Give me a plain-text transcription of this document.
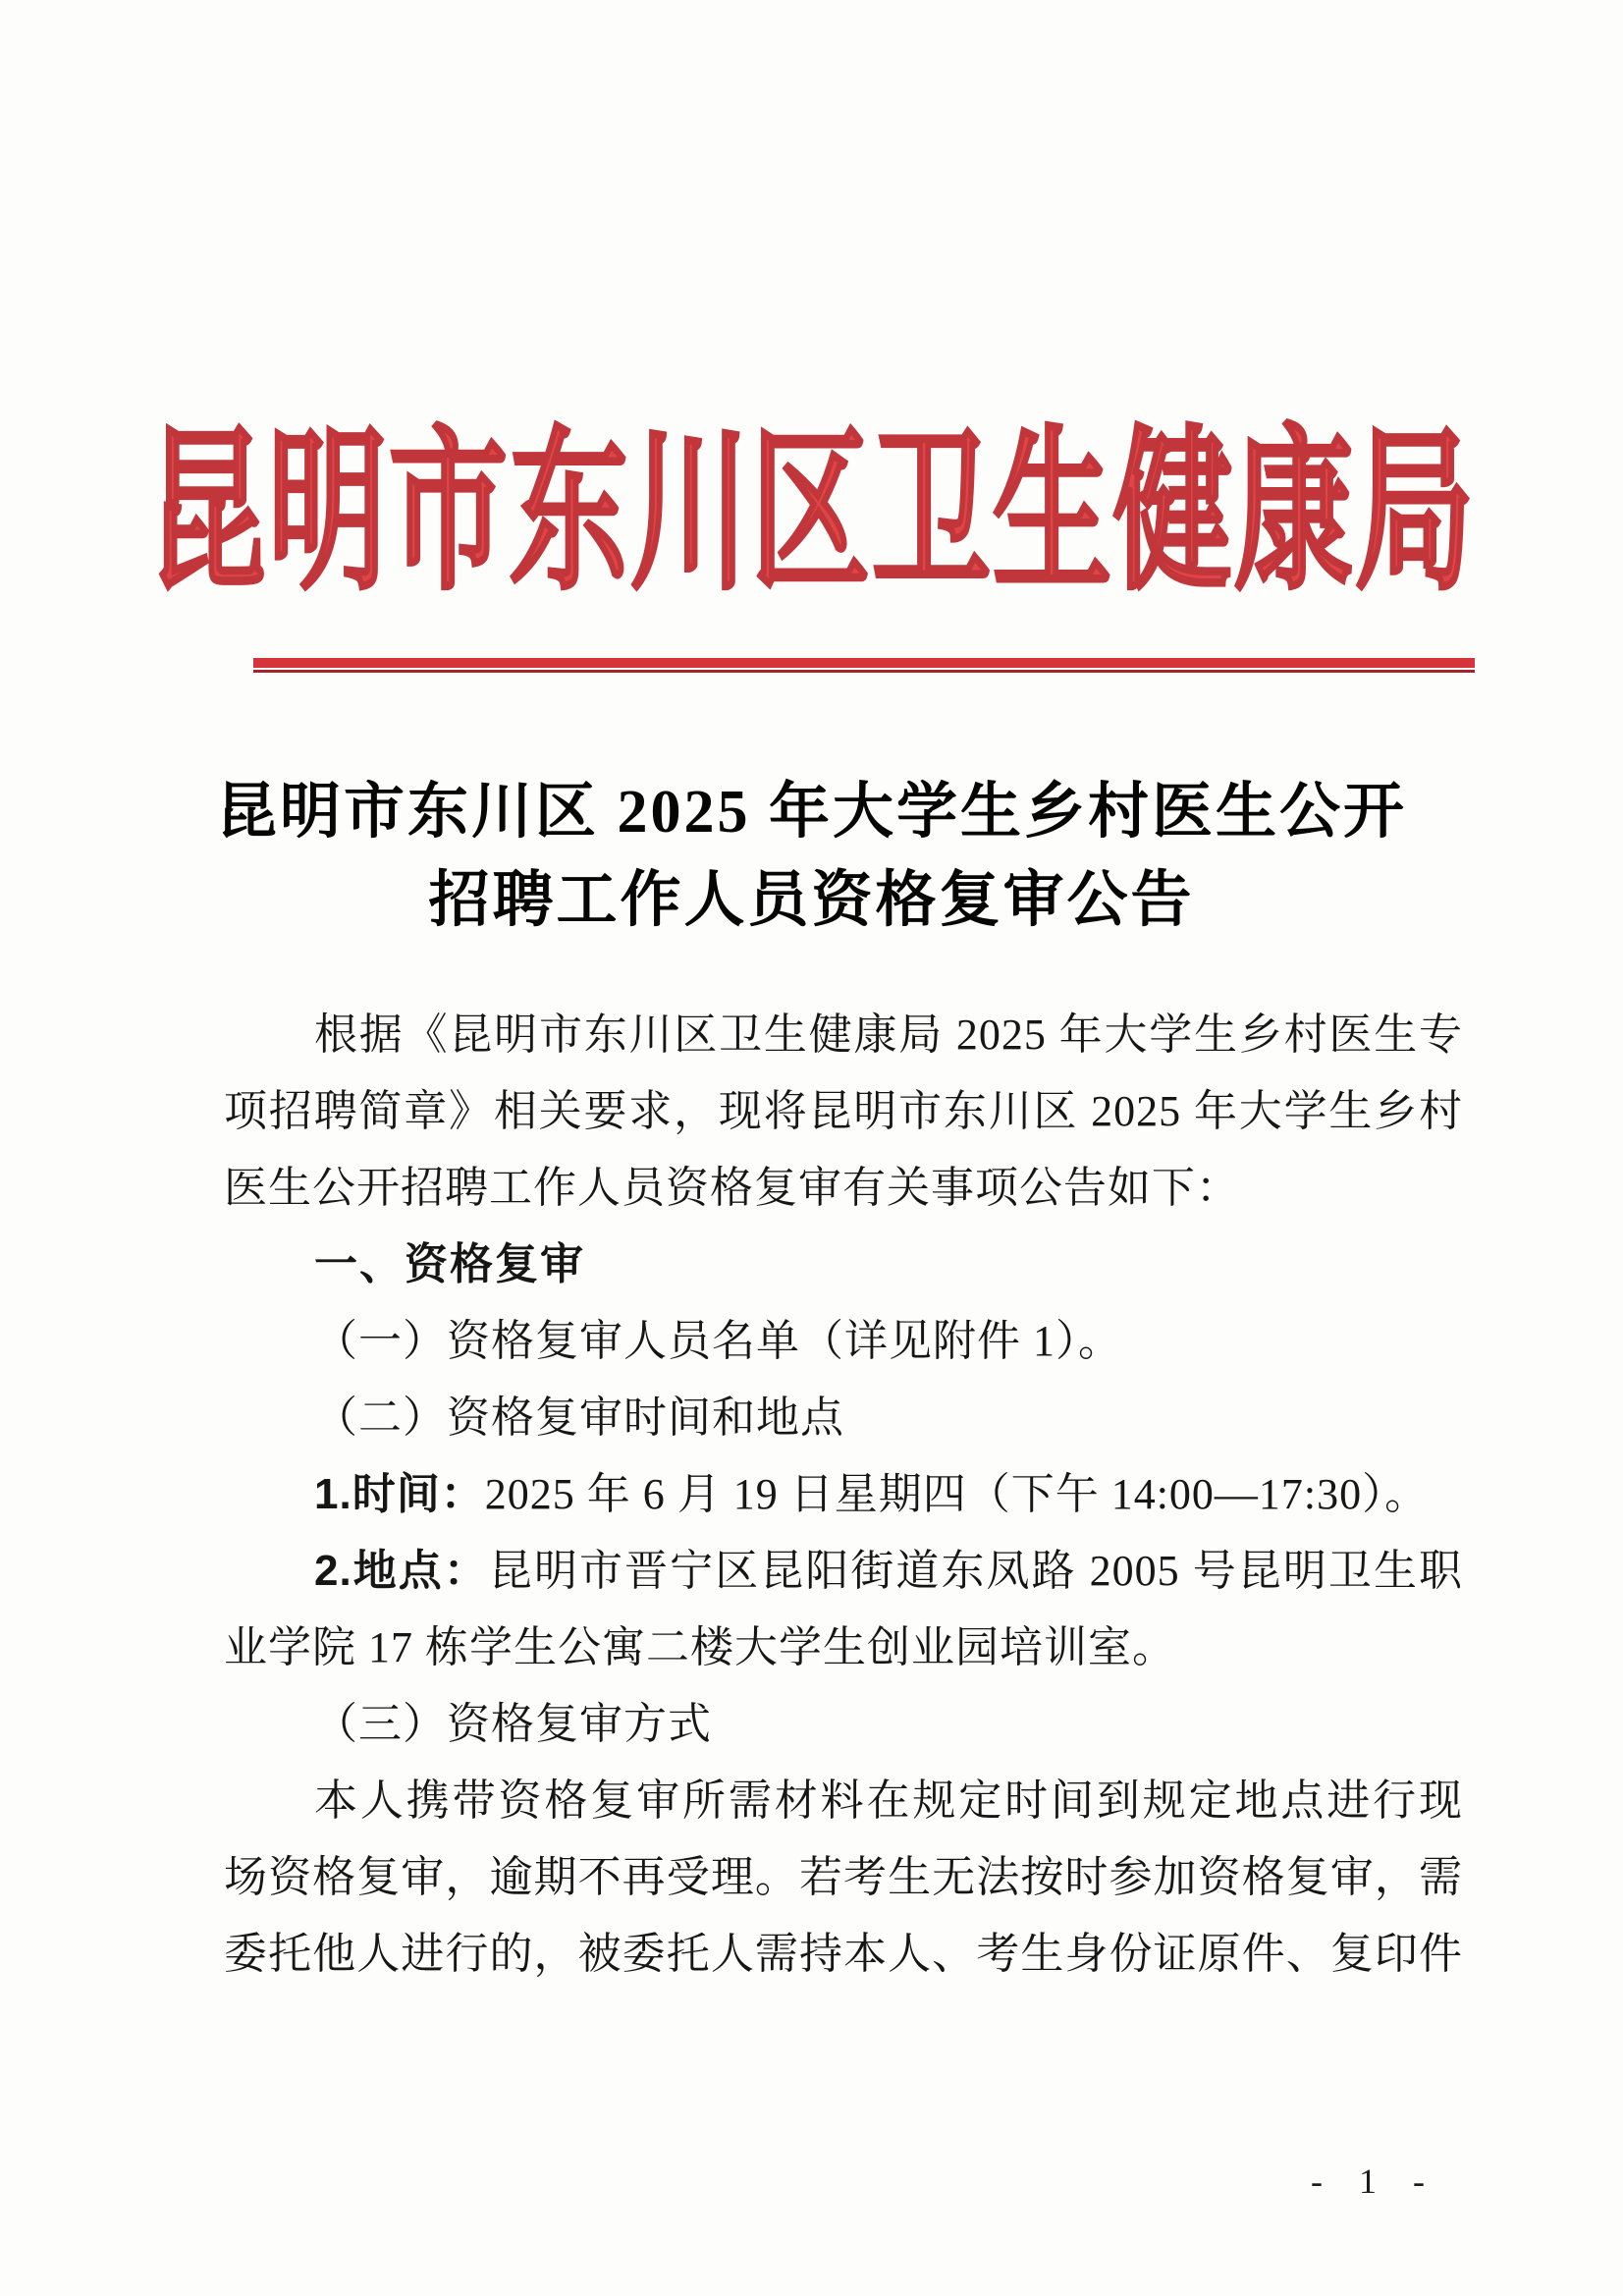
昆明市东川区卫生健康局
昆明市东川区 2025 年大学生乡村医生公开
招聘工作人员资格复审公告
根据《昆明市东川区卫生健康局 2025 年大学生乡村医生专
项招聘简章》相关要求，现将昆明市东川区 2025 年大学生乡村
医生公开招聘工作人员资格复审有关事项公告如下：
一、资格复审
（一）资格复审人员名单（详见附件 1）。
（二）资格复审时间和地点
1.时间：2025 年 6 月 19 日星期四（下午 14:00—17:30）。
2.地点：昆明市晋宁区昆阳街道东凤路 2005 号昆明卫生职
业学院 17 栋学生公寓二楼大学生创业园培训室。
（三）资格复审方式
本人携带资格复审所需材料在规定时间到规定地点进行现
场资格复审，逾期不再受理。若考生无法按时参加资格复审，需
委托他人进行的，被委托人需持本人、考生身份证原件、复印件
- 1 -
